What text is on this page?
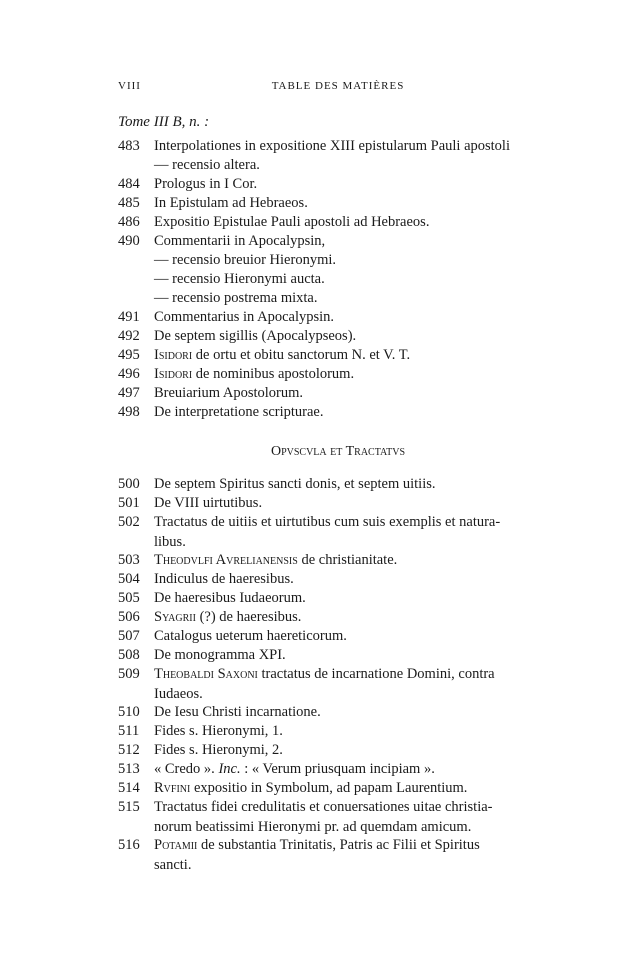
VIII	TABLE DES MATIÈRES
Tome III B, n. :
483 Interpolationes in expositione XIII epistularum Pauli apostoli
— recensio altera.
484 Prologus in I Cor.
485 In Epistulam ad Hebraeos.
486 Expositio Epistulae Pauli apostoli ad Hebraeos.
490 Commentarii in Apocalypsin,
— recensio breuior Hieronymi.
— recensio Hieronymi aucta.
— recensio postrema mixta.
491 Commentarius in Apocalypsin.
492 De septem sigillis (Apocalypseos).
495 Isidori de ortu et obitu sanctorum N. et V. T.
496 Isidori de nominibus apostolorum.
497 Breuiarium Apostolorum.
498 De interpretatione scripturae.
Opvscvla et Tractatvs
500 De septem Spiritus sancti donis, et septem uitiis.
501 De VIII uirtutibus.
502 Tractatus de uitiis et uirtutibus cum suis exemplis et natura-
libus.
503 Theodvlfi Avrelianensis de christianitate.
504 Indiculus de haeresibus.
505 De haeresibus Iudaeorum.
506 Syagrii (?) de haeresibus.
507 Catalogus ueterum haereticorum.
508 De monogramma XPI.
509 Theobaldi Saxoni tractatus de incarnatione Domini, contra
Iudaeos.
510 De Iesu Christi incarnatione.
511	Fides s. Hieronymi, 1.
512 Fides s. Hieronymi, 2.
513 « Credo ». Inc. : « Verum priusquam incipiam ».
514 Rvfini expositio in Symbolum, ad papam Laurentium.
515 Tractatus fidei credulitatis et conuersationes uitae christia-
norum beatissimi Hieronymi pr. ad quemdam amicum.
516 Potamii de substantia Trinitatis, Patris ac Filii et Spiritus
sancti.
